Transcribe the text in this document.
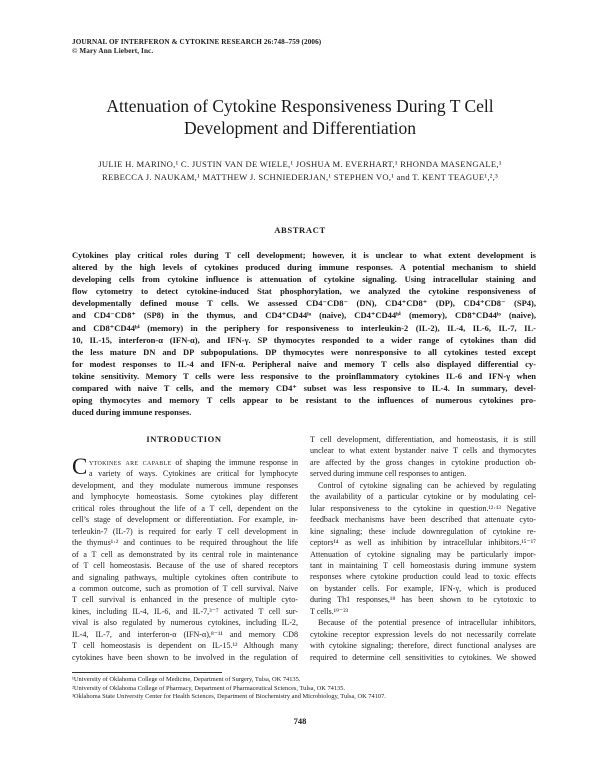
JOURNAL OF INTERFERON & CYTOKINE RESEARCH 26:748–759 (2006)
© Mary Ann Liebert, Inc.
Attenuation of Cytokine Responsiveness During T Cell
Development and Differentiation
JULIE H. MARINO,¹ C. JUSTIN VAN DE WIELE,¹ JOSHUA M. EVERHART,¹ RHONDA MASENGALE,¹
REBECCA J. NAUKAM,¹ MATTHEW J. SCHNIEDERJAN,¹ STEPHEN VO,¹ and T. KENT TEAGUE¹,²,³
ABSTRACT
Cytokines play critical roles during T cell development; however, it is unclear to what extent development is
altered by the high levels of cytokines produced during immune responses. A potential mechanism to shield
developing cells from cytokine influence is attenuation of cytokine signaling. Using intracellular staining and
flow cytometry to detect cytokine-induced Stat phosphorylation, we analyzed the cytokine responsiveness of
developmentally defined mouse T cells. We assessed CD4⁻CD8⁻ (DN), CD4⁺CD8⁺ (DP), CD4⁺CD8⁻ (SP4),
and CD4⁻CD8⁺ (SP8) in the thymus, and CD4⁺CD44ˡᵒ (naive), CD4⁺CD44ʰⁱ (memory), CD8⁺CD44ˡᵒ (naive),
and CD8⁺CD44ʰⁱ (memory) in the periphery for responsiveness to interleukin-2 (IL-2), IL-4, IL-6, IL-7, IL-
10, IL-15, interferon-α (IFN-α), and IFN-γ. SP thymocytes responded to a wider range of cytokines than did
the less mature DN and DP subpopulations. DP thymocytes were nonresponsive to all cytokines tested except
for modest responses to IL-4 and IFN-α. Peripheral naive and memory T cells also displayed differential cy-
tokine sensitivity. Memory T cells were less responsive to the proinflammatory cytokines IL-6 and IFN-γ when
compared with naive T cells, and the memory CD4⁺ subset was less responsive to IL-4. In summary, devel-
oping thymocytes and memory T cells appear to be resistant to the influences of numerous cytokines pro-
duced during immune responses.
INTRODUCTION
C ytokines are capable of shaping the immune response in
a variety of ways. Cytokines are critical for lymphocyte
development, and they modulate numerous immune responses
and lymphocyte homeostasis. Some cytokines play different
critical roles throughout the life of a T cell, dependent on the
cell’s stage of development or differentiation. For example, in-
terleukin-7 (IL-7) is required for early T cell development in
the thymus¹·² and continues to be required throughout the life
of a T cell as demonstrated by its central role in maintenance
of T cell homeostasis. Because of the use of shared receptors
and signaling pathways, multiple cytokines often contribute to
a common outcome, such as promotion of T cell survival. Naive
T cell survival is enhanced in the presence of multiple cyto-
kines, including IL-4, IL-6, and IL-7,³⁻⁷ activated T cell sur-
vival is also regulated by numerous cytokines, including IL-2,
IL-4, IL-7, and interferon-α (IFN-α),⁸⁻¹¹ and memory CD8
T cell homeostasis is dependent on IL-15.¹² Although many
cytokines have been shown to be involved in the regulation of
T cell development, differentiation, and homeostasis, it is still
unclear to what extent bystander naive T cells and thymocytes
are affected by the gross changes in cytokine production ob-
served during immune cell responses to antigen.
Control of cytokine signaling can be achieved by regulating
the availability of a particular cytokine or by modulating cel-
lular responsiveness to the cytokine in question.¹²·¹³ Negative
feedback mechanisms have been described that attenuate cyto-
kine signaling; these include downregulation of cytokine re-
ceptors¹⁴ as well as inhibition by intracellular inhibitors.¹⁵⁻¹⁷
Attenuation of cytokine signaling may be particularly impor-
tant in maintaining T cell homeostasis during immune system
responses where cytokine production could lead to toxic effects
on bystander cells. For example, IFN-γ, which is produced
during Th1 responses,¹⁸ has been shown to be cytotoxic to
T cells.¹⁹⁻²³
Because of the potential presence of intracellular inhibitors,
cytokine receptor expression levels do not necessarily correlate
with cytokine signaling; therefore, direct functional analyses are
required to determine cell sensitivities to cytokines. We showed
¹University of Oklahoma College of Medicine, Department of Surgery, Tulsa, OK 74135.
²University of Oklahoma College of Pharmacy, Department of Pharmaceutical Sciences, Tulsa, OK 74135.
³Oklahoma State University Center for Health Sciences, Department of Biochemistry and Microbiology, Tulsa, OK 74107.
748
